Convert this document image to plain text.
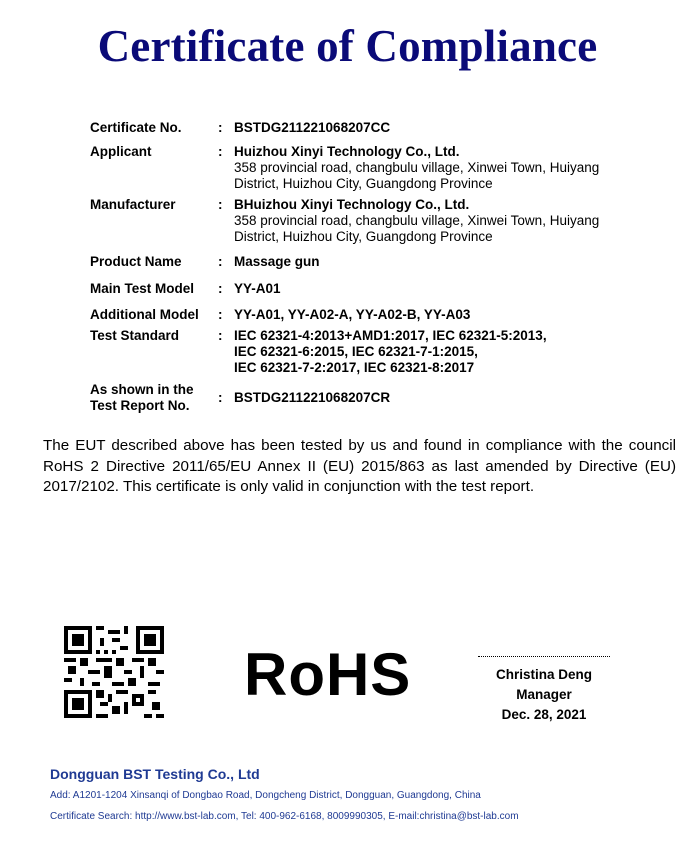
Certificate of Compliance
Certificate No.	: BSTDG211221068207CC
Applicant	: Huizhou Xinyi Technology Co., Ltd.
358 provincial road, changbulu village, Xinwei Town, Huiyang
District, Huizhou City, Guangdong Province
Manufacturer	: BHuizhou Xinyi Technology Co., Ltd.
358 provincial road, changbulu village, Xinwei Town, Huiyang
District, Huizhou City, Guangdong Province
Product Name	: Massage gun
Main Test Model	: YY-A01
Additional Model	: YY-A01, YY-A02-A, YY-A02-B, YY-A03
Test Standard	: IEC 62321-4:2013+AMD1:2017, IEC 62321-5:2013,
IEC 62321-6:2015, IEC 62321-7-1:2015,
IEC 62321-7-2:2017, IEC 62321-8:2017
As shown in the
Test Report No.
: BSTDG211221068207CR
The EUT described above has been tested by us and found in compliance with the council RoHS 2 Directive 2011/65/EU Annex II (EU) 2015/863 as last amended by Directive (EU) 2017/2102. This certificate is only valid in conjunction with the test report.
RoHS	Christina Deng
Manager
Dec. 28, 2021
Dongguan BST Testing Co., Ltd
Add: A1201-1204 Xinsanqi of Dongbao Road, Dongcheng District, Dongguan, Guangdong, China
Certificate Search: http://www.bst-lab.com, Tel: 400-962-6168, 8009990305, E-mail:christina@bst-lab.com
